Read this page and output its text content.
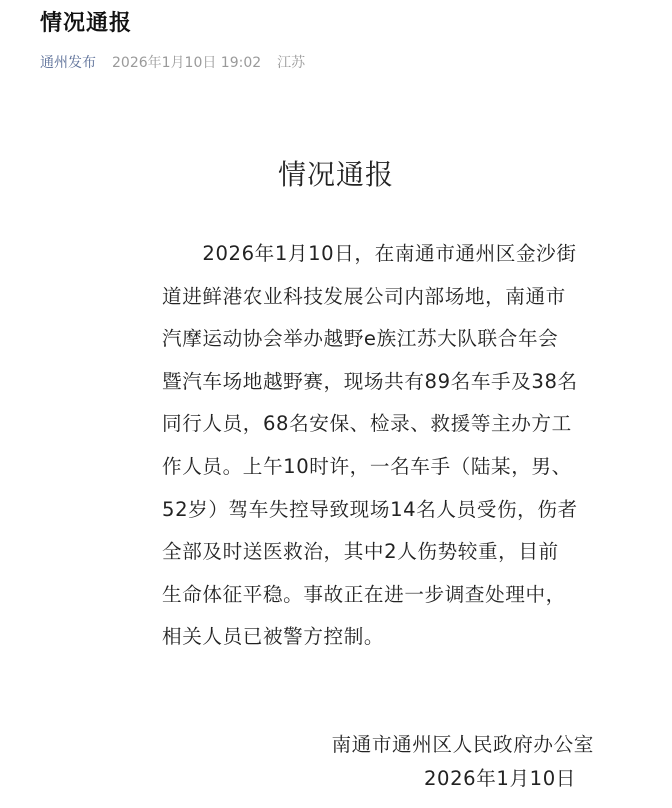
情况通报
通州发布 2026年1月10日 19:02 江苏
情况通报
　　2026年1月10日，在南通市通州区金沙街
道进鲜港农业科技发展公司内部场地，南通市
汽摩运动协会举办越野e族江苏大队联合年会
暨汽车场地越野赛，现场共有89名车手及38名
同行人员，68名安保、检录、救援等主办方工
作人员。上午10时许，一名车手（陆某，男、
52岁）驾车失控导致现场14名人员受伤，伤者
全部及时送医救治，其中2人伤势较重，目前
生命体征平稳。事故正在进一步调查处理中，
相关人员已被警方控制。
南通市通州区人民政府办公室
2026年1月10日
